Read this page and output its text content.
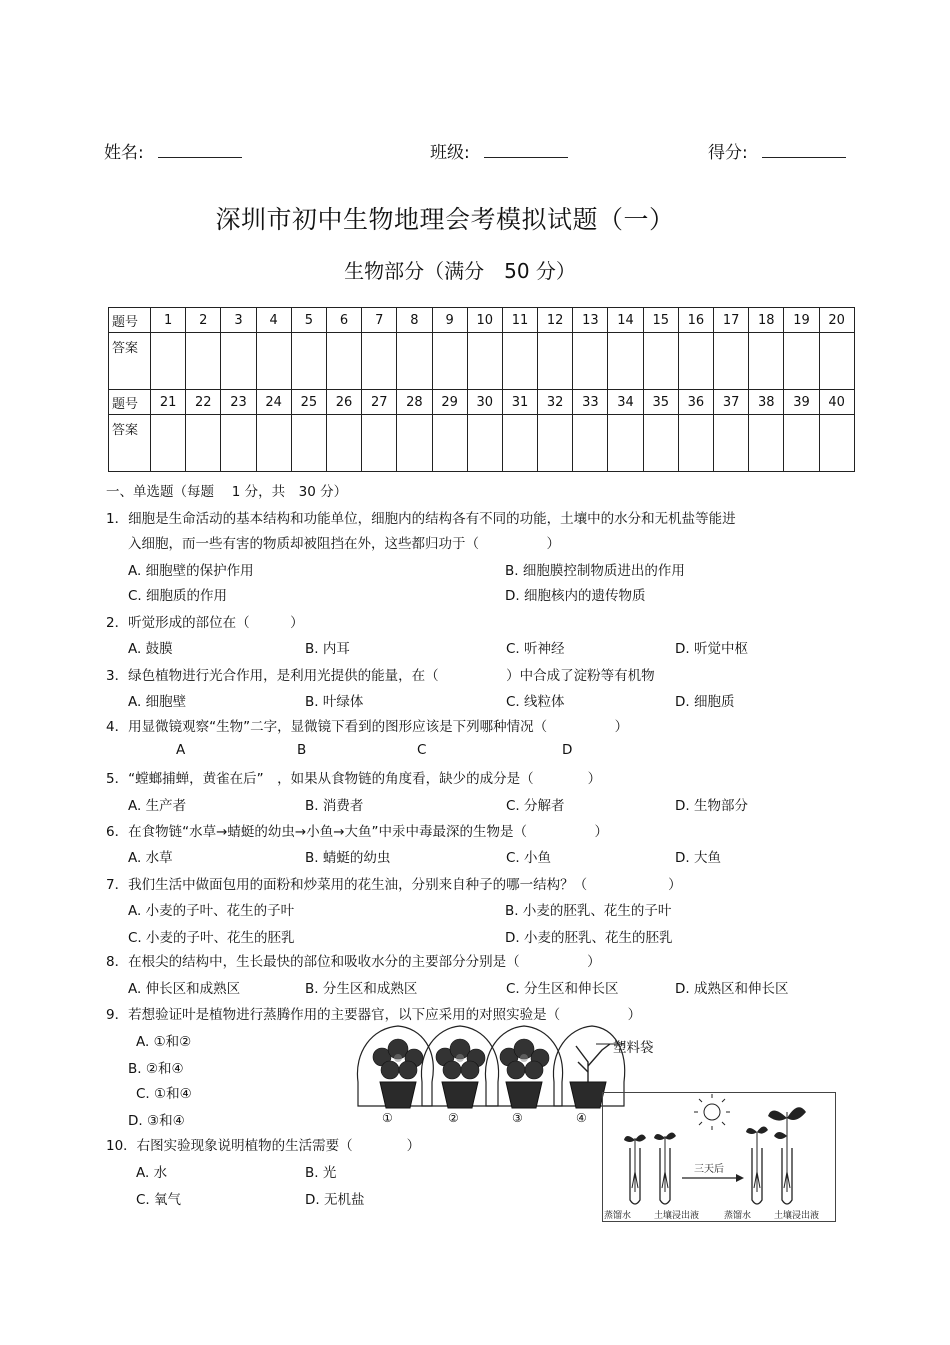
姓名:	班级:	得分:
深圳市初中生物地理会考模拟试题（一）
生物部分（满分　50 分）
题号	1	2	3	4	5	6	7	8	9	10	11	12	13	14	15	16	17	18	19	20
答案																				
题号	21	22	23	24	25	26	27	28	29	30	31	32	33	34	35	36	37	38	39	40
答案																				
一、单选题（每题　 1 分，共　30 分）
1．细胞是生命活动的基本结构和功能单位，细胞内的结构各有不同的功能，土壤中的水分和无机盐等能进
入细胞，而一些有害的物质却被阻挡在外，这些都归功于（　　　　　）
A. 细胞壁的保护作用	B. 细胞膜控制物质进出的作用
C. 细胞质的作用	D. 细胞核内的遗传物质
2．听觉形成的部位在（　　　）
A. 鼓膜	B. 内耳	C. 听神经	D. 听觉中枢
3．绿色植物进行光合作用，是利用光提供的能量，在（　　　　　）中合成了淀粉等有机物
A. 细胞壁	B. 叶绿体	C. 线粒体	D. 细胞质
4．用显微镜观察“生物”二字，显微镜下看到的图形应该是下列哪种情况（　　　　　）
A	B	C	D
5．“螳螂捕蝉，黄雀在后”　，如果从食物链的角度看，缺少的成分是（　　　　）
A. 生产者	B. 消费者	C. 分解者	D. 生物部分
6．在食物链“水草→蜻蜓的幼虫→小鱼→大鱼”中汞中毒最深的生物是（　　　　　）
A. 水草	B. 蜻蜓的幼虫	C. 小鱼	D. 大鱼
7．我们生活中做面包用的面粉和炒菜用的花生油，分别来自种子的哪一结构？（　　　　　　）
A. 小麦的子叶、花生的子叶	B. 小麦的胚乳、花生的子叶
C. 小麦的子叶、花生的胚乳	D. 小麦的胚乳、花生的胚乳
8．在根尖的结构中，生长最快的部位和吸收水分的主要部分分别是（　　　　　）
A. 伸长区和成熟区	B. 分生区和成熟区	C. 分生区和伸长区	D. 成熟区和伸长区
9．若想验证叶是植物进行蒸腾作用的主要器官，以下应采用的对照实验是（　　　　　）
A. ①和②
B. ②和④
C. ①和④
D. ③和④	①	②	③	④
塑料袋
10．右图实验现象说明植物的生活需要（　　　　）
A. 水	B. 光
C. 氧气	D. 无机盐
三天后
蒸馏水	土壤浸出液	蒸馏水	土壤浸出液
